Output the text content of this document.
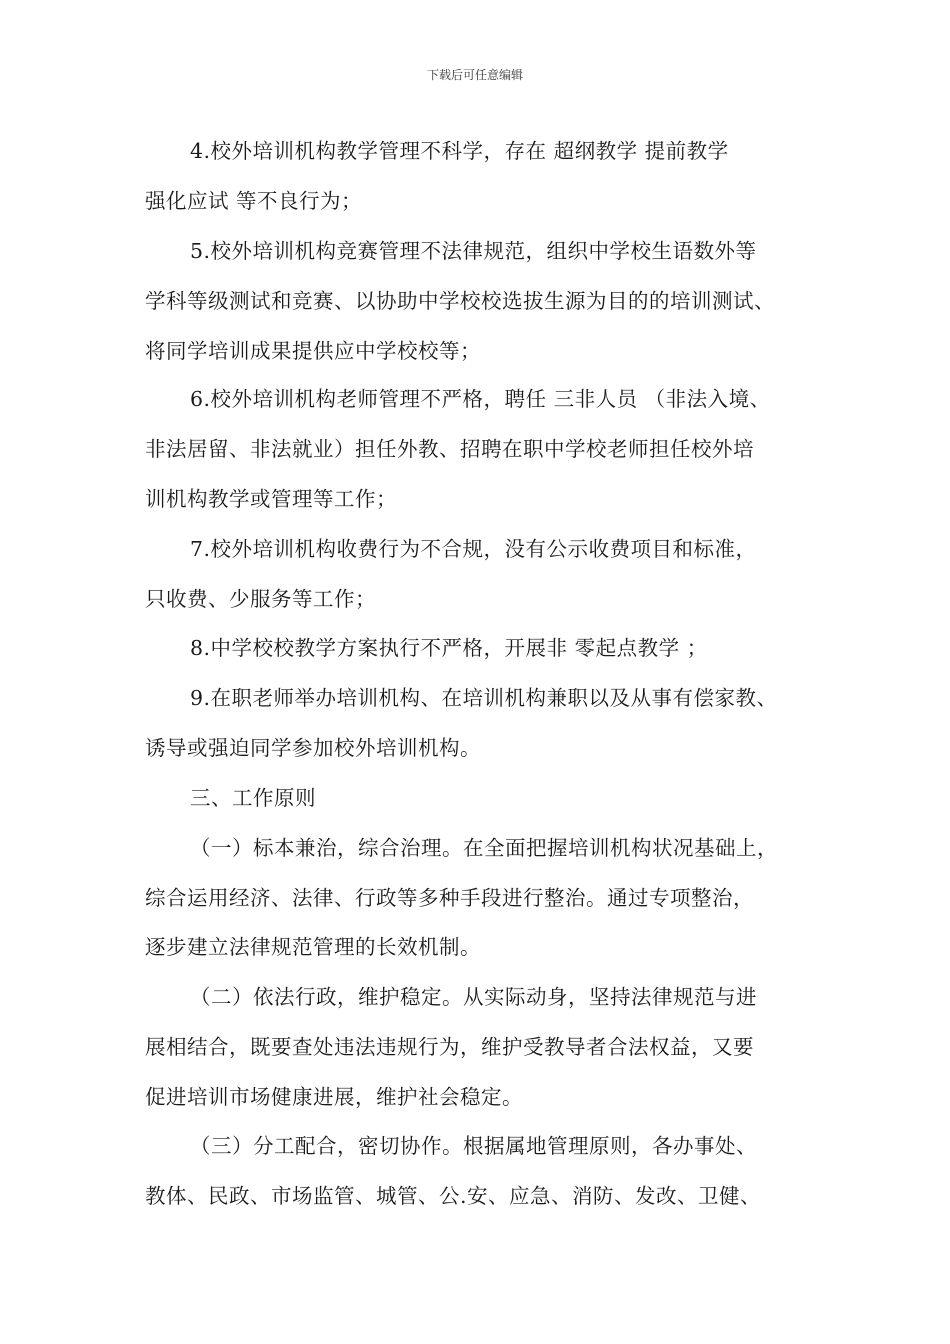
下载后可任意编辑
4.校外培训机构教学管理不科学，存在 超纲教学 提前教学
强化应试 等不良行为；
5.校外培训机构竞赛管理不法律规范，组织中学校生语数外等
学科等级测试和竞赛、以协助中学校校选拔生源为目的的培训测试、
将同学培训成果提供应中学校校等；
6.校外培训机构老师管理不严格，聘任 三非人员 （非法入境、
非法居留、非法就业）担任外教、招聘在职中学校老师担任校外培
训机构教学或管理等工作；
7.校外培训机构收费行为不合规，没有公示收费项目和标准，
只收费、少服务等工作；
8.中学校校教学方案执行不严格，开展非 零起点教学 ；
9.在职老师举办培训机构、在培训机构兼职以及从事有偿家教、
诱导或强迫同学参加校外培训机构。
三、工作原则
（一）标本兼治，综合治理。在全面把握培训机构状况基础上，
综合运用经济、法律、行政等多种手段进行整治。通过专项整治，
逐步建立法律规范管理的长效机制。
（二）依法行政，维护稳定。从实际动身，坚持法律规范与进
展相结合，既要查处违法违规行为，维护受教导者合法权益，又要
促进培训市场健康进展，维护社会稳定。
（三）分工配合，密切协作。根据属地管理原则，各办事处、
教体、民政、市场监管、城管、公.安、应急、消防、发改、卫健、
